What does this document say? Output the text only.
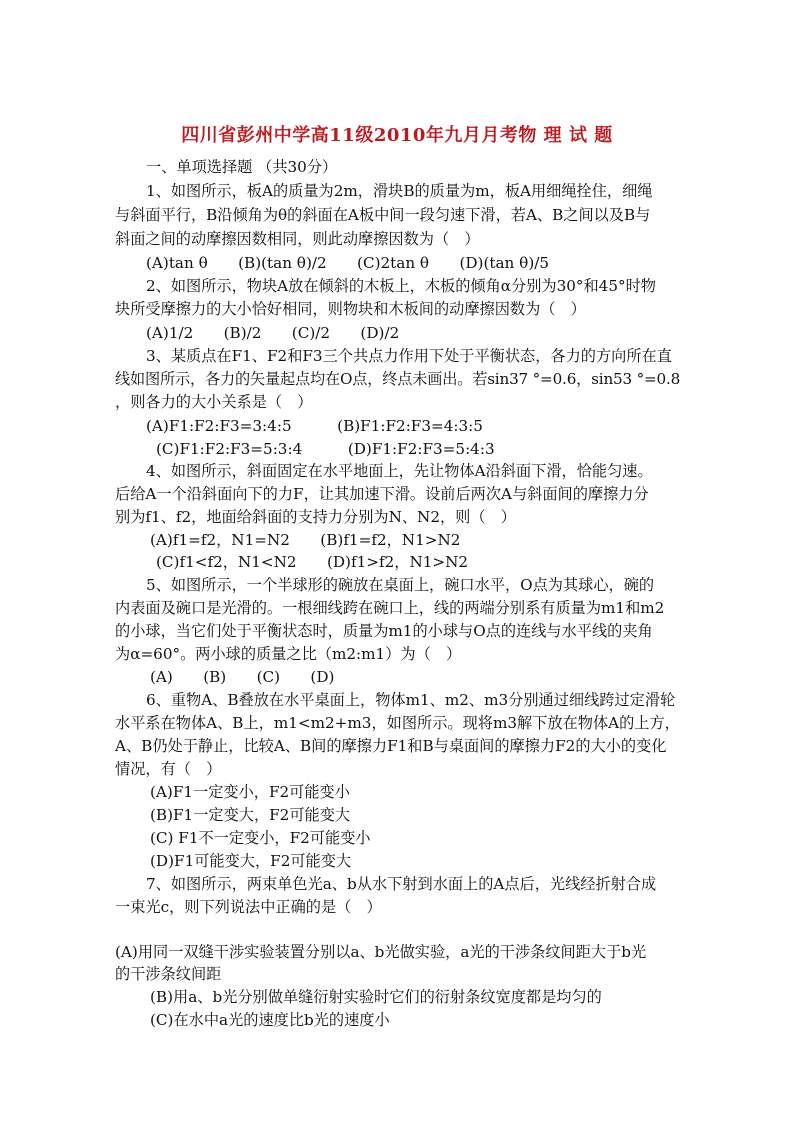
四川省彭州中学高11级2010年九月月考物 理 试 题
一、单项选择题 （共30分）
1、如图所示，板A的质量为2m，滑块B的质量为m，板A用细绳拴住，细绳
与斜面平行，B沿倾角为θ的斜面在A板中间一段匀速下滑，若A、B之间以及B与
斜面之间的动摩擦因数相同，则此动摩擦因数为（　）
(A)tan θ　　(B)(tan θ)/2　　(C)2tan θ　　(D)(tan θ)/5
2、如图所示，物块A放在倾斜的木板上，木板的倾角α分别为30°和45°时物
块所受摩擦力的大小恰好相同，则物块和木板间的动摩擦因数为（　）
(A)1/2　　(B)/2　　(C)/2　　(D)/2
3、某质点在F1、F2和F3三个共点力作用下处于平衡状态，各力的方向所在直
线如图所示，各力的矢量起点均在O点，终点未画出。若sin37 °=0.6，sin53 °=0.8
，则各力的大小关系是（　）
(A)F1:F2:F3=3:4:5　　　(B)F1:F2:F3=4:3:5
(C)F1:F2:F3=5:3:4　　　(D)F1:F2:F3=5:4:3
4、如图所示，斜面固定在水平地面上，先让物体A沿斜面下滑，恰能匀速。
后给A一个沿斜面向下的力F，让其加速下滑。设前后两次A与斜面间的摩擦力分
别为f1、f2，地面给斜面的支持力分别为N、N2，则（　）
(A)f1=f2，N1=N2　　(B)f1=f2，N1>N2
(C)f1<f2，N1<N2　　(D)f1>f2，N1>N2
5、如图所示，一个半球形的碗放在桌面上，碗口水平，O点为其球心，碗的
内表面及碗口是光滑的。一根细线跨在碗口上，线的两端分别系有质量为m1和m2
的小球，当它们处于平衡状态时，质量为m1的小球与O点的连线与水平线的夹角
为α=60°。两小球的质量之比（m2:m1）为（　）
(A)　　(B)　　(C)　　(D)
6、重物A、B叠放在水平桌面上，物体m1、m2、m3分别通过细线跨过定滑轮
水平系在物体A、B上，m1<m2+m3，如图所示。现将m3解下放在物体A的上方，
A、B仍处于静止，比较A、B间的摩擦力F1和B与桌面间的摩擦力F2的大小的变化
情况，有（　）
(A)F1一定变小，F2可能变小
(B)F1一定变大，F2可能变大
(C) F1不一定变小，F2可能变小
(D)F1可能变大，F2可能变大
7、如图所示，两束单色光a、b从水下射到水面上的A点后，光线经折射合成
一束光c，则下列说法中正确的是（　）
(A)用同一双缝干涉实验装置分别以a、b光做实验，a光的干涉条纹间距大于b光
的干涉条纹间距
(B)用a、b光分别做单缝衍射实验时它们的衍射条纹宽度都是均匀的
(C)在水中a光的速度比b光的速度小
